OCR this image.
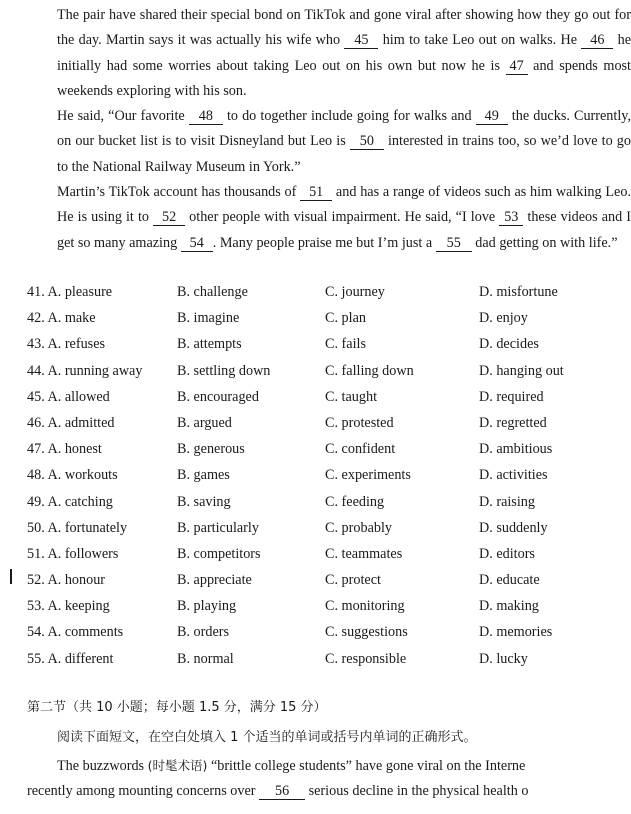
The pair have shared their special bond on TikTok and gone viral after showing how they go out for the day. Martin says it was actually his wife who 45 him to take Leo out on walks. He 46 he initially had some worries about taking Leo out on his own but now he is 47 and spends most weekends exploring with his son.
He said, “Our favorite 48 to do together include going for walks and 49 the ducks. Currently, on our bucket list is to visit Disneyland but Leo is 50 interested in trains too, so we’d love to go to the National Railway Museum in York.”
Martin’s TikTok account has thousands of 51 and has a range of videos such as him walking Leo. He is using it to 52 other people with visual impairment. He said, “I love 53 these videos and I get so many amazing 54 . Many people praise me but I’m just a 55 dad getting on with life.”
41. A. pleasure	B. challenge	C. journey	D. misfortune
42. A. make	B. imagine	C. plan	D. enjoy
43. A. refuses	B. attempts	C. fails	D. decides
44. A. running away B. settling down	C. falling down	D. hanging out
45. A. allowed	B. encouraged	C. taught	D. required
46. A. admitted	B. argued	C. protested	D. regretted
47. A. honest	B. generous	C. confident	D. ambitious
48. A. workouts	B. games	C. experiments	D. activities
49. A. catching	B. saving	C. feeding	D. raising
50. A. fortunately	B. particularly	C. probably	D. suddenly
51. A. followers	B. competitors	C. teammates	D. editors
52. A. honour	B. appreciate	C. protect	D. educate
53. A. keeping	B. playing	C. monitoring	D. making
54. A. comments	B. orders	C. suggestions	D. memories
55. A. different	B. normal	C. responsible	D. lucky
第二节（共 10 小题；每小题 1.5 分，满分 15 分）
阅读下面短文，在空白处填入 1 个适当的单词或括号内单词的正确形式。
The buzzwords (时髦术语) “brittle college students” have gone viral on the Interne
recently among mounting concerns over 56 serious decline in the physical health o
